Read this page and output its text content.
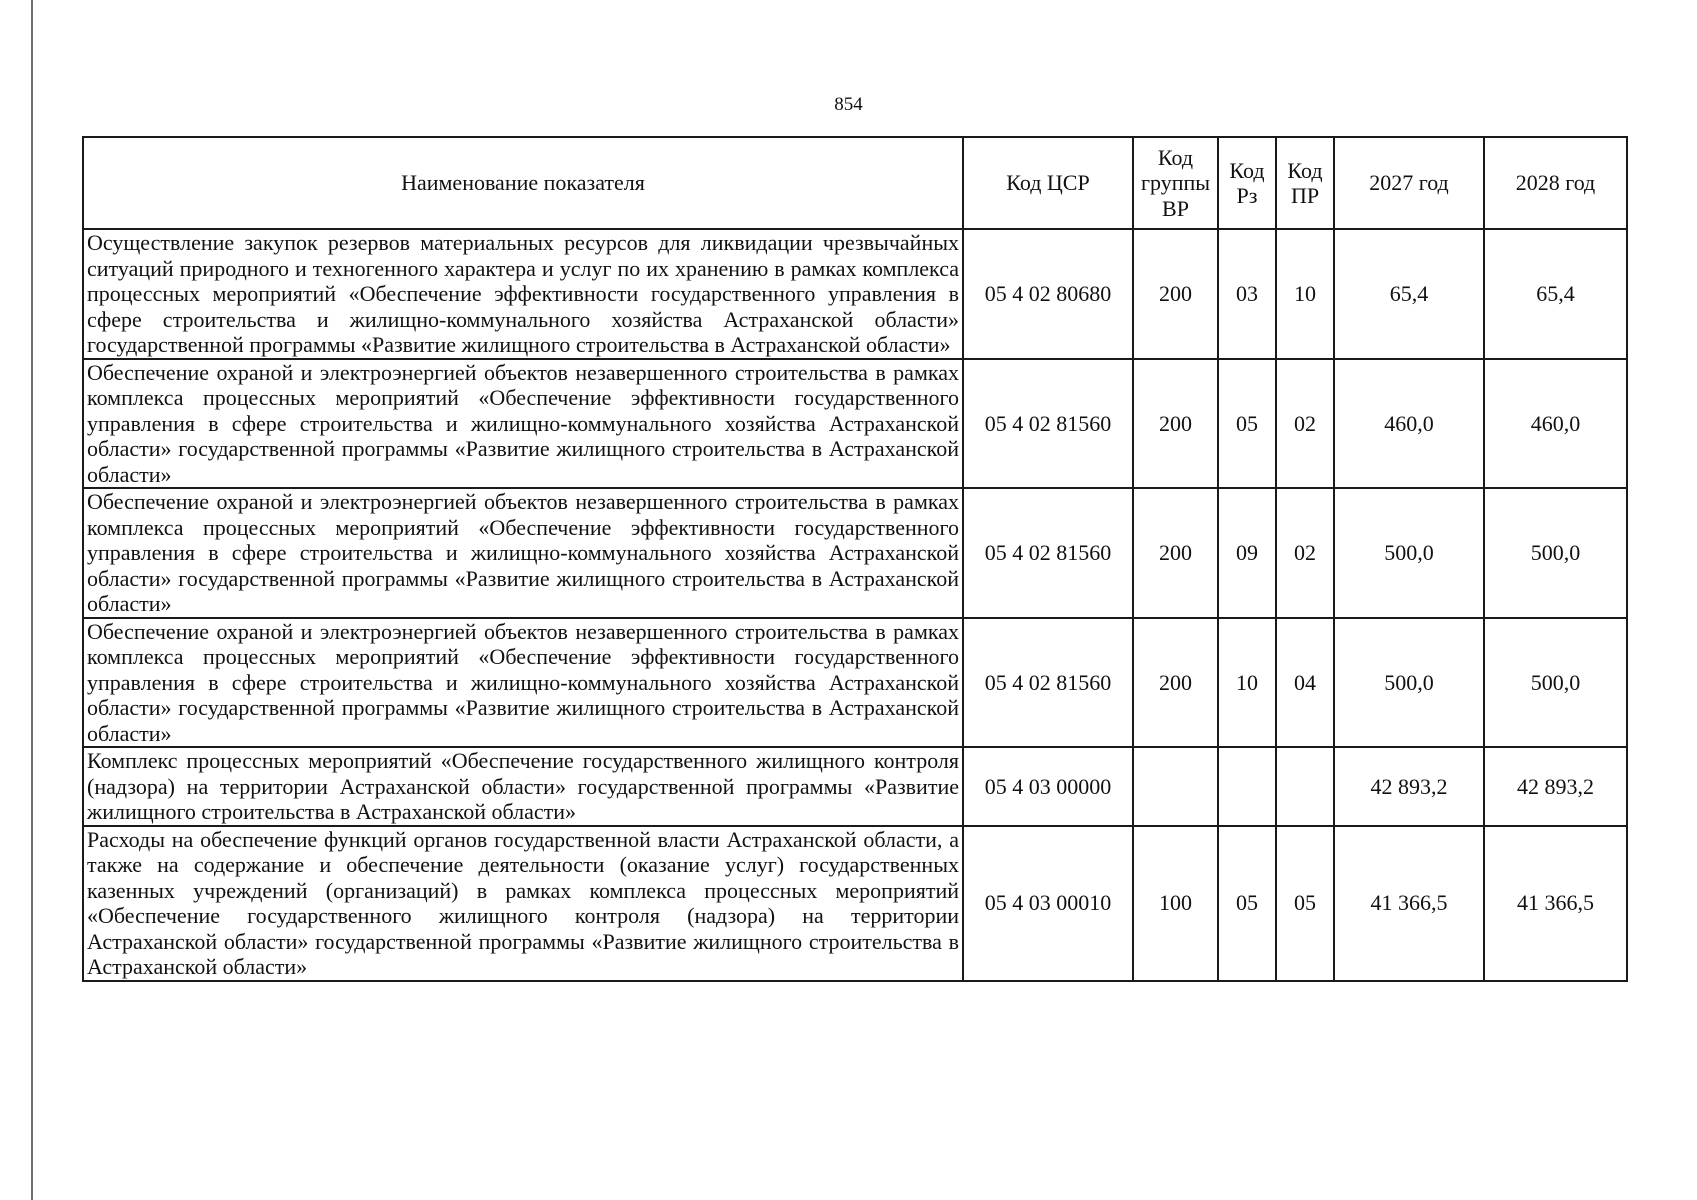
854
Наименование показателя	Код ЦСР	Код группы ВР	Код Рз	Код ПР	2027 год	2028 год
Осуществление закупок резервов материальных ресурсов для ликвидации чрезвычайных ситуаций природного и техногенного характера и услуг по их хранению в рамках комплекса процессных мероприятий «Обеспечение эффективности государственного управления в сфере строительства и жилищно-коммунального хозяйства Астраханской области» государственной программы «Развитие жилищного строительства в Астраханской области»	05 4 02 80680	200	03	10	65,4	65,4
Обеспечение охраной и электроэнергией объектов незавершенного строительства в рамках комплекса процессных мероприятий «Обеспечение эффективности государственного управления в сфере строительства и жилищно-коммунального хозяйства Астраханской области» государственной программы «Развитие жилищного строительства в Астраханской области»	05 4 02 81560	200	05	02	460,0	460,0
Обеспечение охраной и электроэнергией объектов незавершенного строительства в рамках комплекса процессных мероприятий «Обеспечение эффективности государственного управления в сфере строительства и жилищно-коммунального хозяйства Астраханской области» государственной программы «Развитие жилищного строительства в Астраханской области»	05 4 02 81560	200	09	02	500,0	500,0
Обеспечение охраной и электроэнергией объектов незавершенного строительства в рамках комплекса процессных мероприятий «Обеспечение эффективности государственного управления в сфере строительства и жилищно-коммунального хозяйства Астраханской области» государственной программы «Развитие жилищного строительства в Астраханской области»	05 4 02 81560	200	10	04	500,0	500,0
Комплекс процессных мероприятий «Обеспечение государственного жилищного контроля (надзора) на территории Астраханской области» государственной программы «Развитие жилищного строительства в Астраханской области»	05 4 03 00000				42 893,2	42 893,2
Расходы на обеспечение функций органов государственной власти Астраханской области, а также на содержание и обеспечение деятельности (оказание услуг) государственных казенных учреждений (организаций) в рамках комплекса процессных мероприятий «Обеспечение государственного жилищного контроля (надзора) на территории Астраханской области» государственной программы «Развитие жилищного строительства в Астраханской области»	05 4 03 00010	100	05	05	41 366,5	41 366,5
